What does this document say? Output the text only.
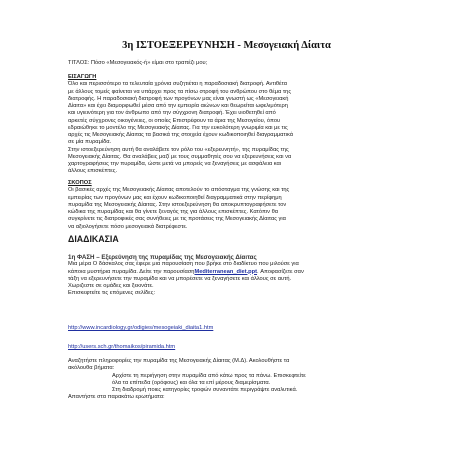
3η ΙΣΤΟΕΞΕΡΕΥΝΗΣΗ - Μεσογειακή Δίαιτα

ΤΙΤΛΟΣ: Πόσο «Μεσογειακός-ή» είμαι στο τραπέζι μου;

ΕΙΣΑΓΩΓΗ

Όλο και περισσότερο τα τελευταία χρόνια συζητιέται η παραδοσιακή διατροφή. Αντιθέτα

με άλλους τομείς φαίνεται να υπάρχει προς τα πίσω στροφή του ανθρώπου στο θέμα της

διατροφής. Η παραδοσιακή διατροφή των προγόνων μας είναι γνωστή ως «Μεσογειακή

Δίαιτα» και έχει διαμορφωθεί μέσα από την εμπειρία αιώνων και θεωρείται ωφελιμότερη

και υγιεινότερη για τον άνθρωπο από την σύγχρονη διατροφή. Έχει υιοθετηθεί από

αρκετές σύγχρονες οικογένειες, οι οποίες Επιστρέφουν τα άρια της Μεσογείου, όπου

εδραιώθηκε το μοντέλο της Μεσογειακής Δίαιτας. Για την ευκολότερη γνωριμία και με τις

αρχές τις Μεσογειακής Δίαιτας τα βασικά της στοιχεία έχουν κωδικοποιηθεί διαγραμματικά

σε μία πυραμίδα.

Στην ιστοεξερεύνηση αυτή θα αναλάβετε τον ρόλο του «εξερευνητή», της πυραμίδας της

Μεσογειακής Δίαιτας. Θα αναλάβεις μαζί με τους συμμαθητές σου να εξερευνήσεις και να

χαρτογραφήσεις την πυραμίδα, ώστε μετά να μπορείς να ξεναγήσεις με ασφάλεια και

άλλους επισκέπτες.

ΣΚΟΠΟΣ

Οι βασικές αρχές της Μεσογειακής Δίαιτας αποτελούν το απόσταγμα της γνώσης και της

εμπειρίας των προγόνων μας και έχουν κωδικοποιηθεί διαγραμματικά στην περίφημη

πυραμίδα της Μεσογειακής Δίαιτας. Στην ιστοεξερεύνηση θα αποκρυπτογραφήσετε τον

κώδικα της πυραμίδας και θα γίνετε ξεναγός της για άλλους επισκέπτες. Κατόπιν θα

συγκρίνετε τις διατροφικές σας συνήθειες με τις προτάσεις της Μεσογειακής Δίαιτας για

να αξιολογήσετε πόσο μεσογειακά διατρέφεστε.

ΔΙΑΔΙΚΑΣΙΑ

1η ΦΑΣΗ – Εξερεύνηση της πυραμίδας της Μεσογειακής Δίαιτας

Μια μέρα Ο δάσκαλος σας έφερε μια παρουσίαση που βρήκε στο διαδίκτυο που μιλούσε για

κάποια μυστήρια πυραμίδα. Δείτε την παρουσίασηMediterranean_diet.ppt. Αποφασίζετε σαν

τάξη να εξερευνήσετε την πυραμίδα και να μπορέσετε να ξεναγήσετε και άλλους σε αυτή.

Χωριζεστε σε ομάδες και ξεκινάτε.

Επισκεφτείτε τις επόμενες σελίδες:

http://www.incardiology.gr/odigies/mesogeiaki_diaita1.htm
http://users.sch.gr/thomaikos/piramida.htm

Αναζητήστε πληροφορίες την πυραμίδα της Μεσογειακής Δίαιτας (Μ.Δ). Ακολουθήστε τα

ακόλουθα βήματα:

Αρχίστε τη περιήγηση στην πυραμίδα από κάτω προς τα πάνω. Επισκεφτείτε

όλα τα επίπεδα (ορόφους) και όλα τα επί μέρους διαμερίσματα.

Στη διαδρομή πoιες κατηγορίες τροφών συναντάτε περιγράψτε αναλυτικά.

Απαντήστε στα παρακάτω ερωτήματα:
